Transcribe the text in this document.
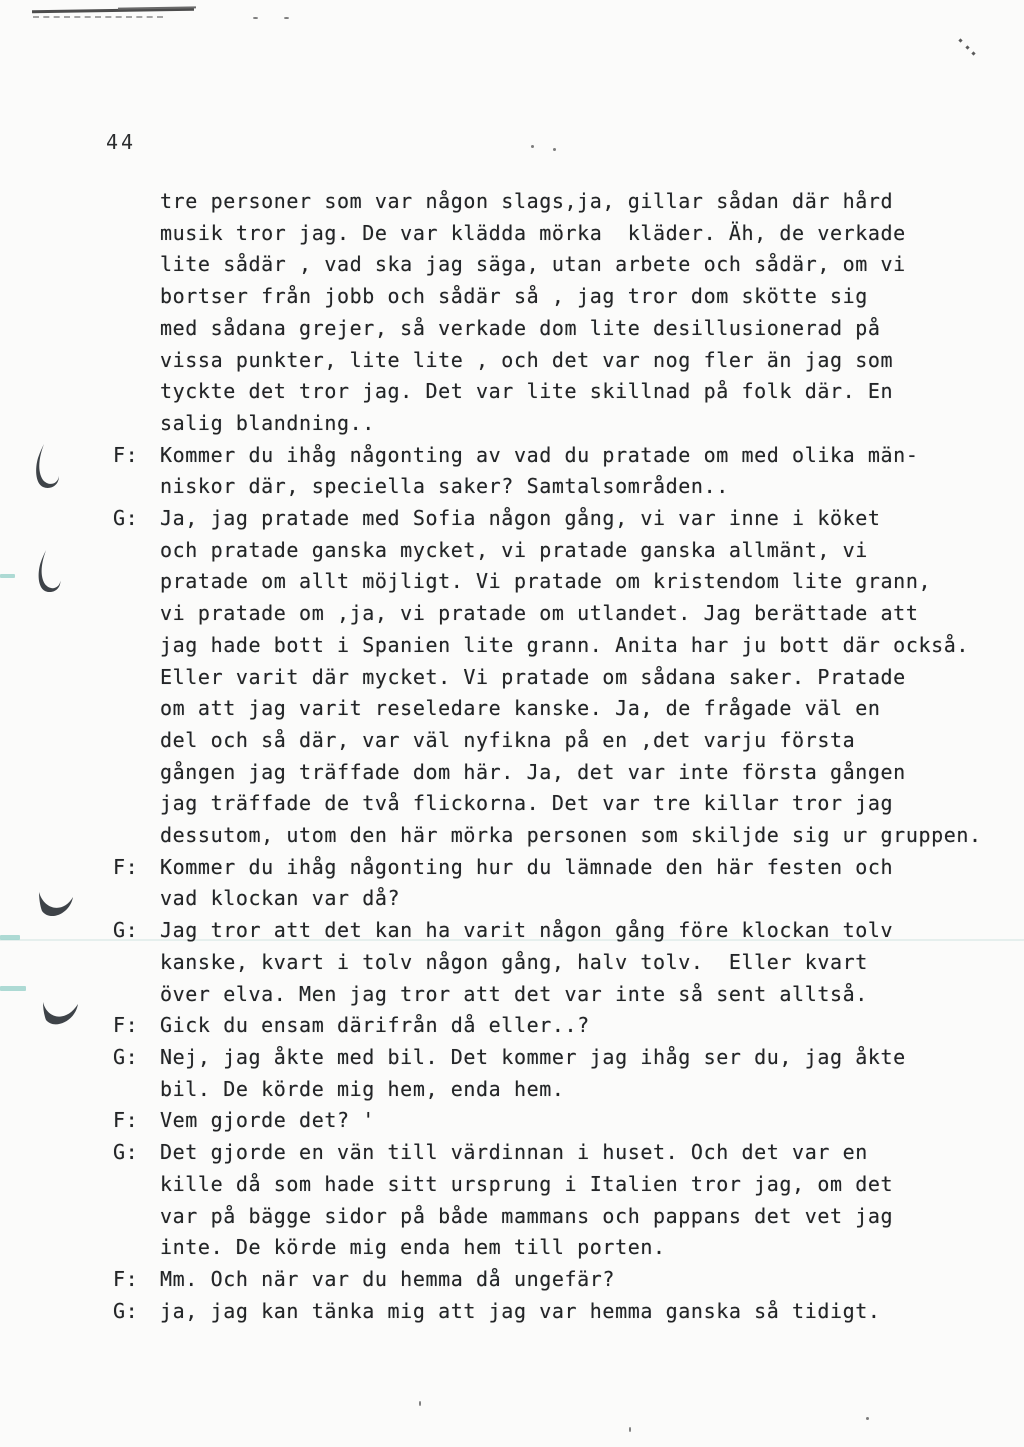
44
tre personer som var någon slags,ja, gillar sådan där hård
musik tror jag. De var klädda mörka  kläder. Äh, de verkade
lite sådär , vad ska jag säga, utan arbete och sådär, om vi
bortser från jobb och sådär så , jag tror dom skötte sig
med sådana grejer, så verkade dom lite desillusionerad på
vissa punkter, lite lite , och det var nog fler än jag som
tyckte det tror jag. Det var lite skillnad på folk där. En
salig blandning..
F:	Kommer du ihåg någonting av vad du pratade om med olika män-
niskor där, speciella saker? Samtalsområden..
G:	Ja, jag pratade med Sofia någon gång, vi var inne i köket
och pratade ganska mycket, vi pratade ganska allmänt, vi
pratade om allt möjligt. Vi pratade om kristendom lite grann,
vi pratade om ,ja, vi pratade om utlandet. Jag berättade att
jag hade bott i Spanien lite grann. Anita har ju bott där också.
Eller varit där mycket. Vi pratade om sådana saker. Pratade
om att jag varit reseledare kanske. Ja, de frågade väl en
del och så där, var väl nyfikna på en ,det varju första
gången jag träffade dom här. Ja, det var inte första gången
jag träffade de två flickorna. Det var tre killar tror jag
dessutom, utom den här mörka personen som skiljde sig ur gruppen.
F:	Kommer du ihåg någonting hur du lämnade den här festen och
vad klockan var då?
G:	Jag tror att det kan ha varit någon gång före klockan tolv
kanske, kvart i tolv någon gång, halv tolv.  Eller kvart
över elva. Men jag tror att det var inte så sent alltså.
F:	Gick du ensam därifrån då eller..?
G:	Nej, jag åkte med bil. Det kommer jag ihåg ser du, jag åkte
bil. De körde mig hem, enda hem.
F:	Vem gjorde det? '
G:	Det gjorde en vän till värdinnan i huset. Och det var en
kille då som hade sitt ursprung i Italien tror jag, om det
var på bägge sidor på både mammans och pappans det vet jag
inte. De körde mig enda hem till porten.
F:	Mm. Och när var du hemma då ungefär?
G:	ja, jag kan tänka mig att jag var hemma ganska så tidigt.
